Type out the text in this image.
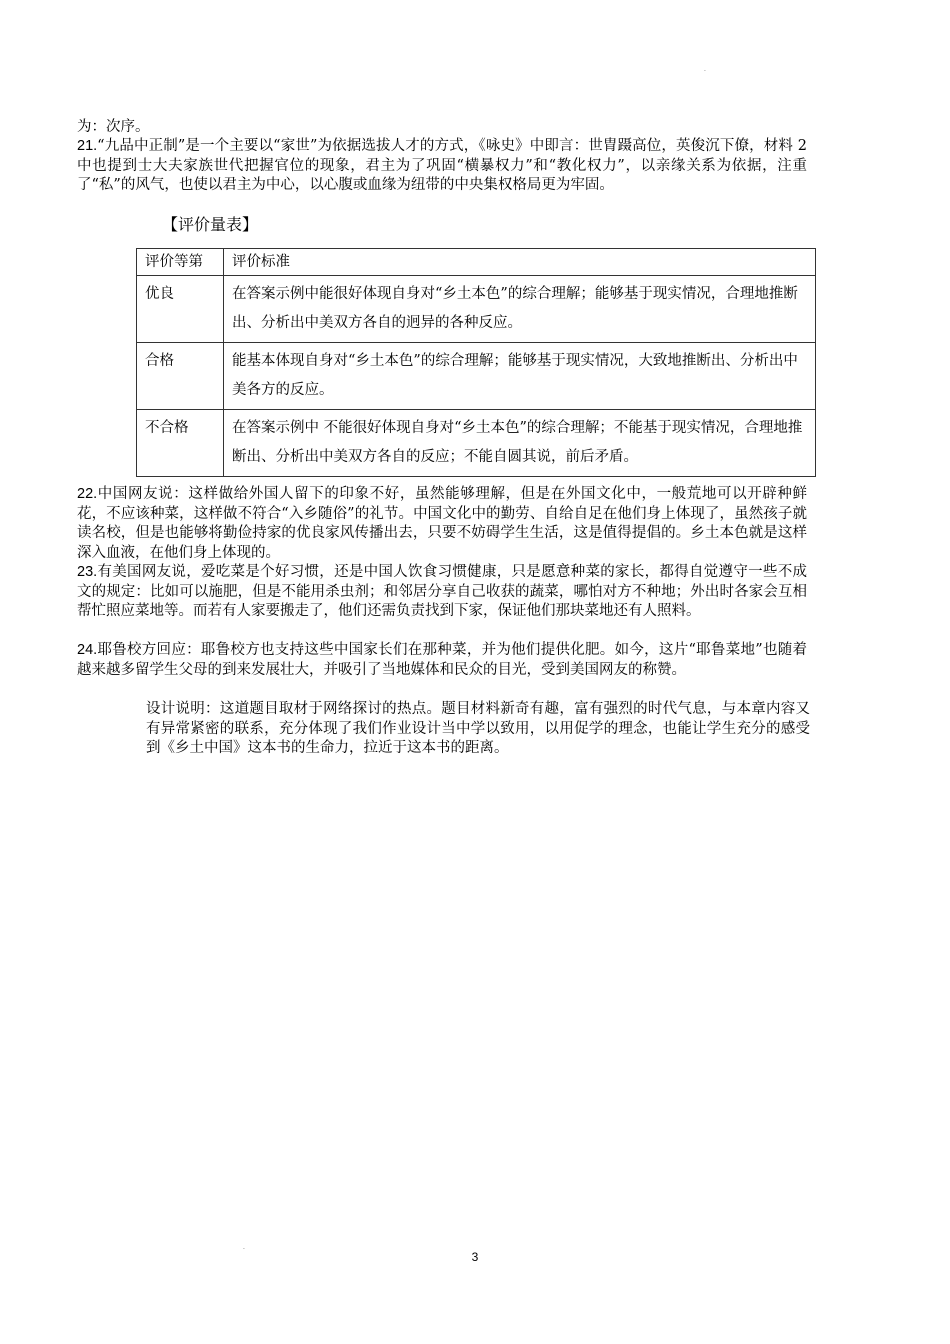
·

为：次序。

21.“九品中正制”是一个主要以“家世”为依据选拔人才的方式，《咏史》中即言：世胄蹑高位，英俊沉下僚，材料 2 中也提到士大夫家族世代把握官位的现象，君主为了巩固“横暴权力”和“教化权力”，以亲缘关系为依据，注重了“私”的风气，也使以君主为中心，以心腹或血缘为纽带的中央集权格局更为牢固。

【评价量表】

评价等第	评价标准
优良	在答案示例中能很好体现自身对“乡土本色”的综合理解；能够基于现实情况，合理地推断出、分析出中美双方各自的迥异的各种反应。
合格	能基本体现自身对“乡土本色”的综合理解；能够基于现实情况，大致地推断出、分析出中美各方的反应。
不合格	在答案示例中 不能很好体现自身对“乡土本色”的综合理解；不能基于现实情况，合理地推断出、分析出中美双方各自的反应；不能自圆其说，前后矛盾。

22.中国网友说：这样做给外国人留下的印象不好，虽然能够理解，但是在外国文化中，一般荒地可以开辟种鲜花，不应该种菜，这样做不符合“入乡随俗”的礼节。中国文化中的勤劳、自给自足在他们身上体现了，虽然孩子就读名校，但是也能够将勤俭持家的优良家风传播出去，只要不妨碍学生生活，这是值得提倡的。乡土本色就是这样深入血液，在他们身上体现的。

23.有美国网友说，爱吃菜是个好习惯，还是中国人饮食习惯健康，只是愿意种菜的家长，都得自觉遵守一些不成文的规定：比如可以施肥，但是不能用杀虫剂；和邻居分享自己收获的蔬菜，哪怕对方不种地；外出时各家会互相帮忙照应菜地等。而若有人家要搬走了，他们还需负责找到下家，保证他们那块菜地还有人照料。

24.耶鲁校方回应：耶鲁校方也支持这些中国家长们在那种菜，并为他们提供化肥。如今，这片“耶鲁菜地”也随着越来越多留学生父母的到来发展壮大，并吸引了当地媒体和民众的目光，受到美国网友的称赞。

设计说明：这道题目取材于网络探讨的热点。题目材料新奇有趣，富有强烈的时代气息，与本章内容又有异常紧密的联系，充分体现了我们作业设计当中学以致用，以用促学的理念，也能让学生充分的感受到《乡土中国》这本书的生命力，拉近于这本书的距离。

·
3
